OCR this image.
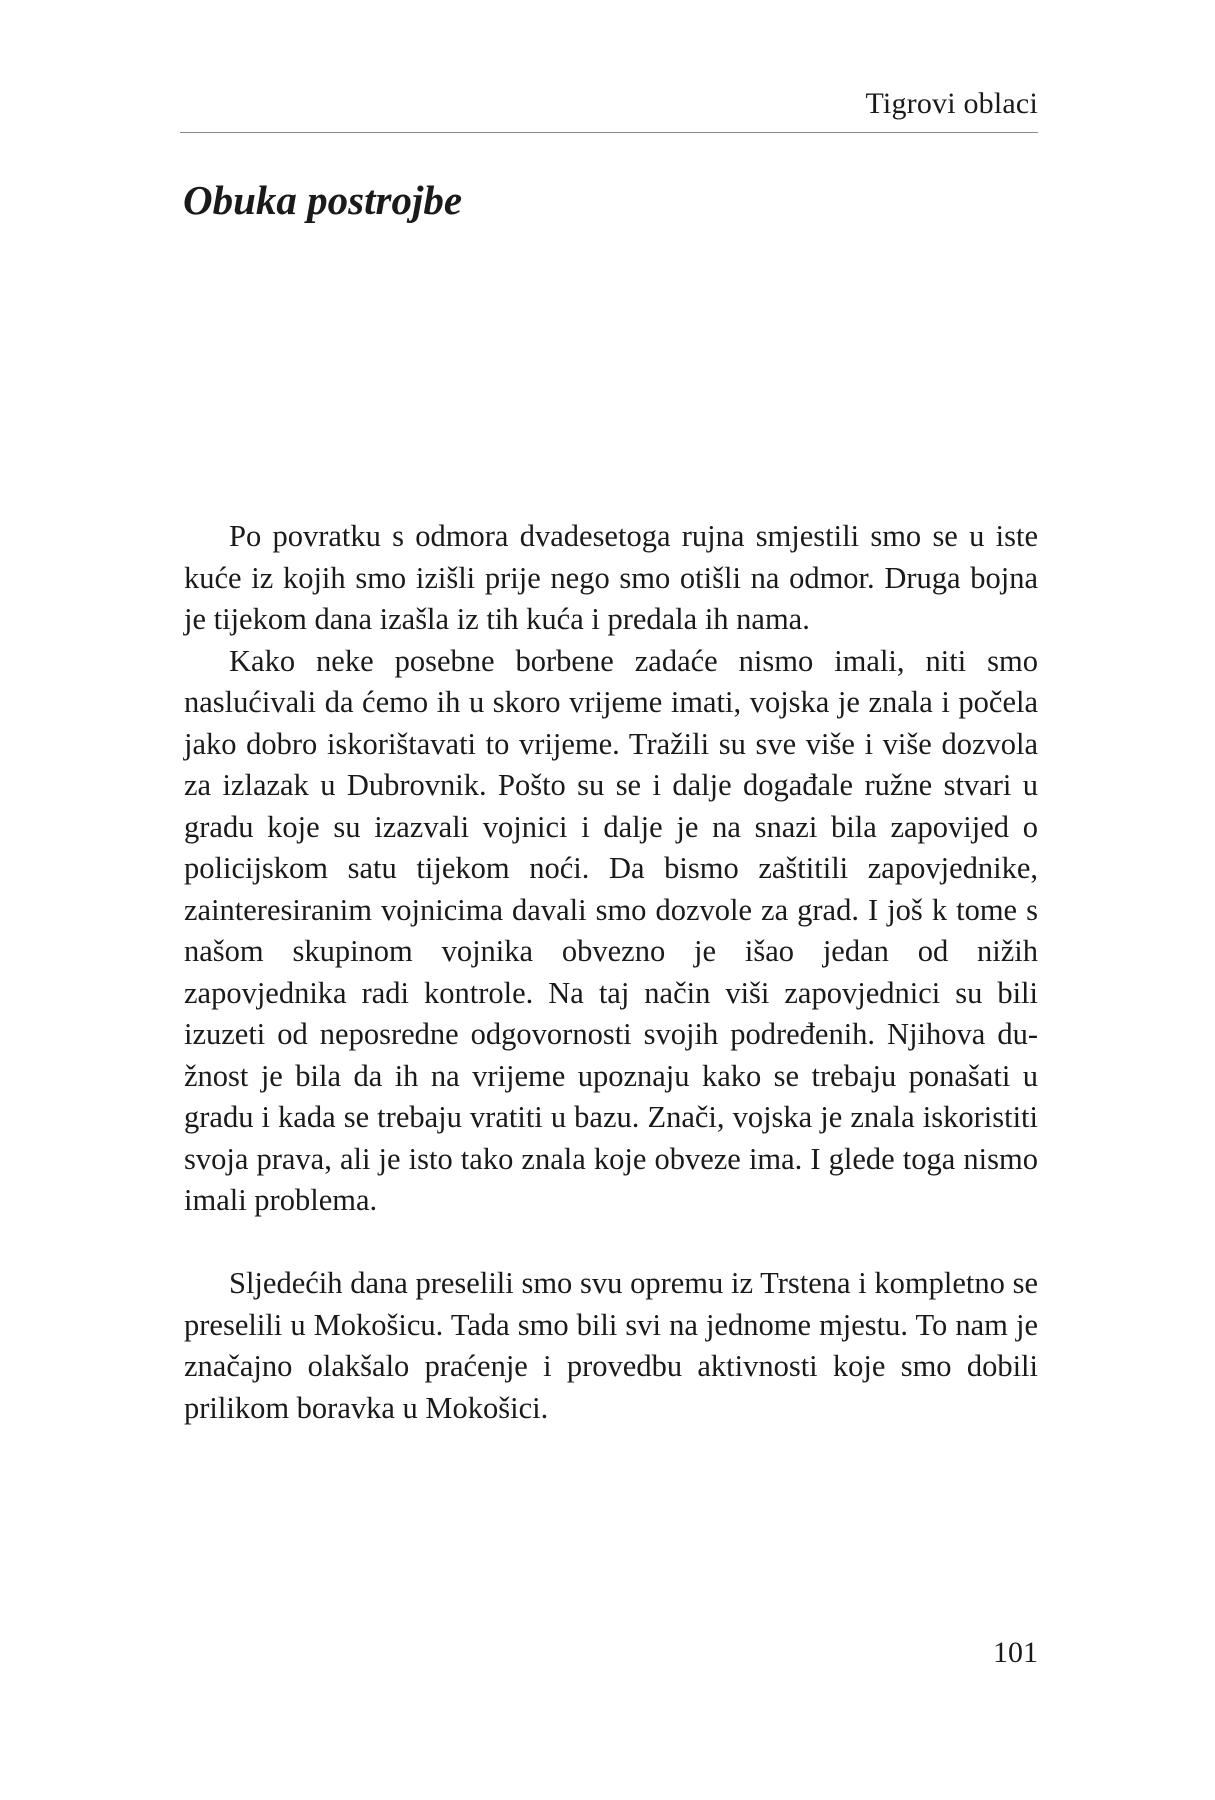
Tigrovi oblaci
Obuka postrojbe

Po povratku s odmora dvadesetoga rujna smjestili smo se u iste kuće iz kojih smo izišli prije nego smo otišli na odmor. Druga bojna je tijekom dana izašla iz tih kuća i predala ih nama.

Kako neke posebne borbene zadaće nismo imali, niti smo naslućivali da ćemo ih u skoro vrijeme imati, vojska je znala i počela jako dobro iskorištavati to vrijeme. Tražili su sve više i više dozvola za izlazak u Dubrovnik. Pošto su se i dalje događale ružne stvari u gradu koje su izazvali vojnici i dalje je na snazi bila zapovijed o policijskom satu tijekom noći. Da bismo zaštitili zapovjednike, zainteresiranim vojnicima davali smo dozvole za grad. I još k tome s našom skupinom vojnika obvezno je išao jedan od nižih zapovjednika radi kontrole. Na taj način viši zapovjednici su bili izuzeti od neposredne odgovornosti svojih podređenih. Njihova dužnost je bila da ih na vrijeme upoznaju kako se trebaju ponašati u gradu i kada se trebaju vratiti u bazu. Znači, vojska je znala iskoristiti svoja prava, ali je isto tako znala koje obveze ima. I glede toga nismo imali problema.

Sljedećih dana preselili smo svu opremu iz Trstena i kompletno se preselili u Mokošicu. Tada smo bili svi na jednome mjestu. To nam je značajno olakšalo praćenje i provedbu aktivnosti koje smo dobili prilikom boravka u Mokošici.

101
